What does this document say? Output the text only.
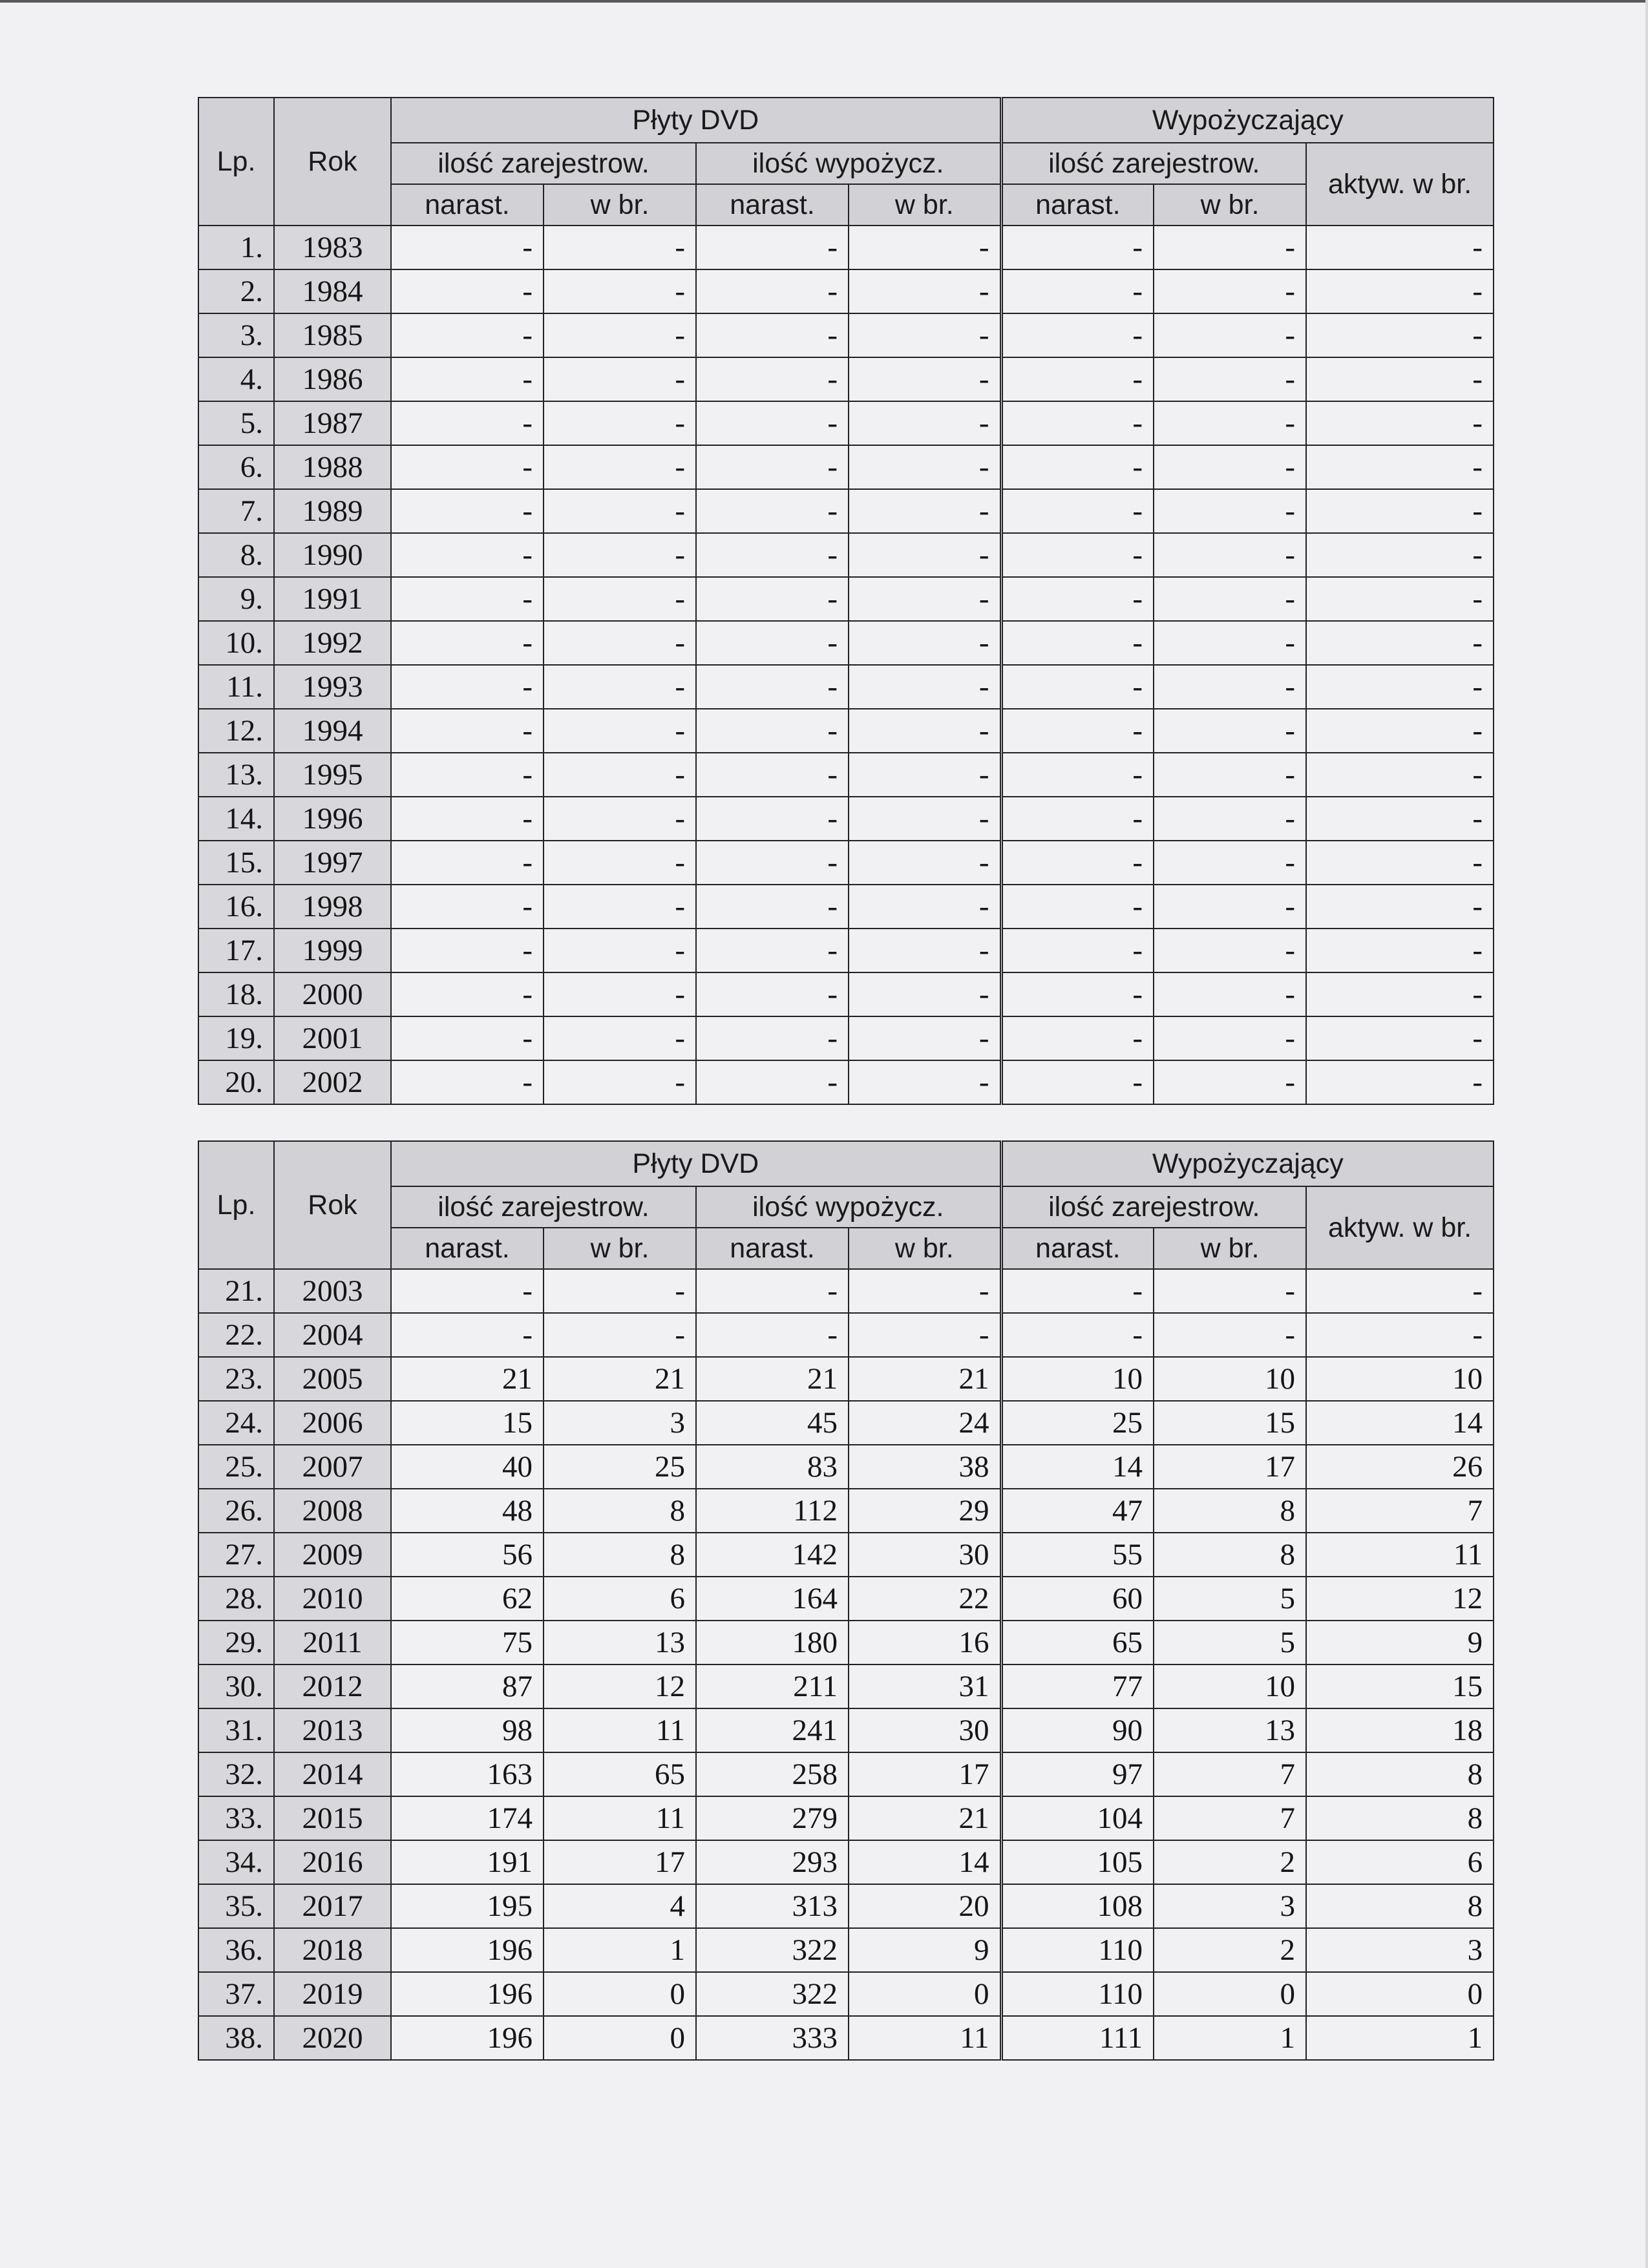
Lp.	Rok	Płyty DVD				Wypożyczający		
		ilość zarejestrow.		ilość wypożycz.		ilość zarejestrow.		aktyw. w br.
		narast.	w br.	narast.	w br.	narast.	w br.	
1.	1983	-	-	-	-	-	-	-
2.	1984	-	-	-	-	-	-	-
3.	1985	-	-	-	-	-	-	-
4.	1986	-	-	-	-	-	-	-
5.	1987	-	-	-	-	-	-	-
6.	1988	-	-	-	-	-	-	-
7.	1989	-	-	-	-	-	-	-
8.	1990	-	-	-	-	-	-	-
9.	1991	-	-	-	-	-	-	-
10.	1992	-	-	-	-	-	-	-
11.	1993	-	-	-	-	-	-	-
12.	1994	-	-	-	-	-	-	-
13.	1995	-	-	-	-	-	-	-
14.	1996	-	-	-	-	-	-	-
15.	1997	-	-	-	-	-	-	-
16.	1998	-	-	-	-	-	-	-
17.	1999	-	-	-	-	-	-	-
18.	2000	-	-	-	-	-	-	-
19.	2001	-	-	-	-	-	-	-
20.	2002	-	-	-	-	-	-	-
Lp.	Rok	Płyty DVD				Wypożyczający		
		ilość zarejestrow.		ilość wypożycz.		ilość zarejestrow.		aktyw. w br.
		narast.	w br.	narast.	w br.	narast.	w br.	
21.	2003	-	-	-	-	-	-	-
22.	2004	-	-	-	-	-	-	-
23.	2005	21	21	21	21	10	10	10
24.	2006	15	3	45	24	25	15	14
25.	2007	40	25	83	38	14	17	26
26.	2008	48	8	112	29	47	8	7
27.	2009	56	8	142	30	55	8	11
28.	2010	62	6	164	22	60	5	12
29.	2011	75	13	180	16	65	5	9
30.	2012	87	12	211	31	77	10	15
31.	2013	98	11	241	30	90	13	18
32.	2014	163	65	258	17	97	7	8
33.	2015	174	11	279	21	104	7	8
34.	2016	191	17	293	14	105	2	6
35.	2017	195	4	313	20	108	3	8
36.	2018	196	1	322	9	110	2	3
37.	2019	196	0	322	0	110	0	0
38.	2020	196	0	333	11	111	1	1
